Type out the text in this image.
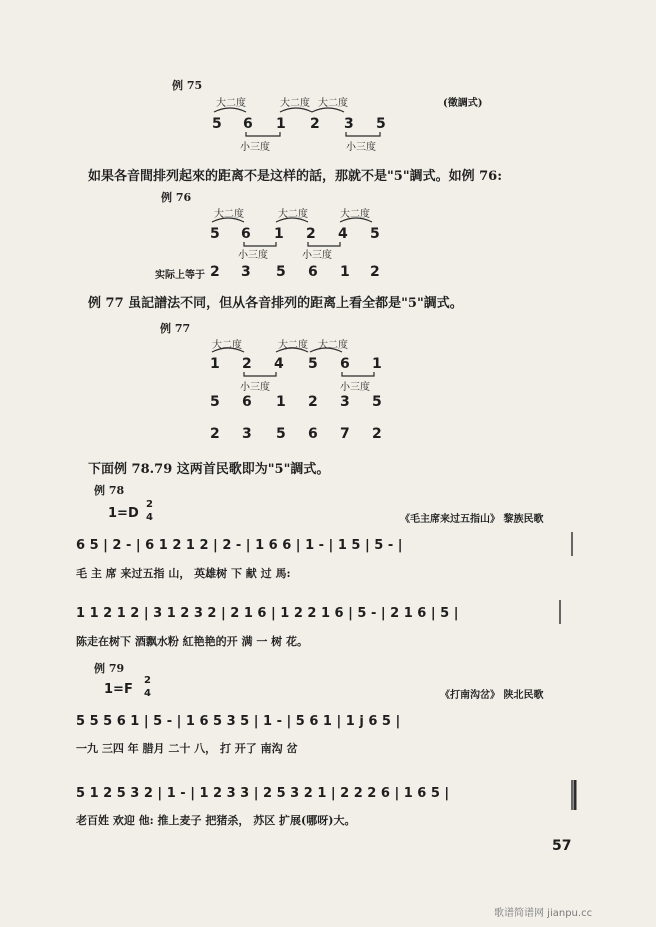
例 75
(徵調式)
大二度	大二度 大二度
5 6 1 2 3 5
小三度	小三度
如果各音間排列起來的距离不是这样的話，那就不是"5"調式。如例 76:
例 76
大二度	大二度	大二度
5 6 1 2 4 5
小三度	小三度
实际上等于 2 3 5 6 1 2
例 77 虽記譜法不同，但从各音排列的距离上看全都是"5"調式。
例 77
大二度	大二度 大二度
1 2 4 5 6 1
小三度	小三度
5 6 1 2 3 5
2 3 5 6 7 2
下面例 78.79 这两首民歌即为"5"調式。
例 78
1=D
2
4	《毛主席来过五指山》 黎族民歌
6 5 | 2 - | 6 1 2 1 2 | 2 - | 1 6 6 | 1 - | 1 5 | 5 - |
毛 主 席 来过五指 山， 英雄树 下 献 过 馬:
1 1 2 1 2 | 3 1 2 3 2 | 2 1 6 | 1 2 2 1 6 | 5 - | 2 1 6 | 5 |
陈走在树下 酒飘水粉 紅艳艳的开 满 一 树 花。
例 79
1=F
2
4	《打南沟岔》 陕北民歌
5 5 5 6 1 | 5 - | 1 6 5 3 5 | 1 - | 5 6 1 | 1 j 6 5 |
一九 三四 年 腊月 二十 八， 打 开了 南沟 岔
5 1 2 5 3 2 | 1 - | 1 2 3 3 | 2 5 3 2 1 | 2 2 2 6 | 1 6 5 |
老百姓 欢迎 他: 推上麦子 把猪杀， 苏区 扩展(哪呀)大。
57
歌谱简谱网 jianpu.cc
